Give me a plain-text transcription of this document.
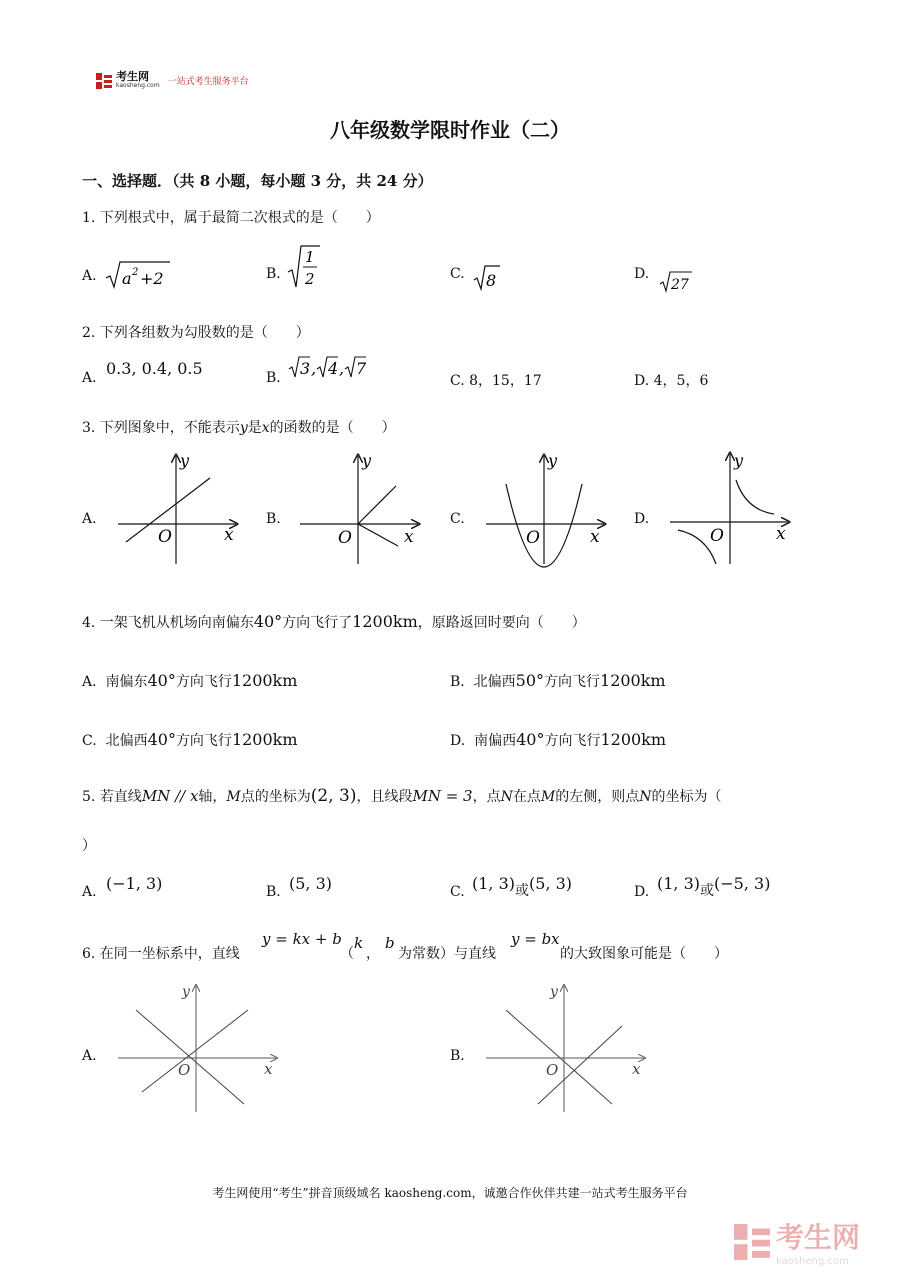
考生网
kaosheng.com 一站式考生服务平台
八年级数学限时作业（二）
一、选择题．（共 8 小题，每小题 3 分，共 24 分）
1. 下列根式中，属于最简二次根式的是（　　）
A. a 2 +2	B.
1
2	C. 8	D.
27
2. 下列各组数为勾股数的是（　　）
A. 0.3, 0.4, 0.5	B. 3 , 4 , 7
C. 8，15，17	D. 4，5，6
3. 下列图象中，不能表示y是x的函数的是（　　）
A.
y
x
O
B.
y
x
O
C.
y
x
O
D.
y
x
O
4. 一架飞机从机场向南偏东40°方向飞行了1200km，原路返回时要向（　　）
A. 南偏东40°方向飞行1200km	B. 北偏西50°方向飞行1200km
C. 北偏西40°方向飞行1200km	D. 南偏西40°方向飞行1200km
5. 若直线MN // x轴，M点的坐标为(2, 3)，且线段MN = 3，点N在点M的左侧，则点N的坐标为（
）
A. (−1, 3)	B. (5, 3)	C. (1, 3)或(5, 3)	D. (1, 3)或(−5, 3)
6. 在同一坐标系中，直线
y = kx + b
（
k
，
b
为常数）与直线
y = bx
的大致图象可能是（　　）
A.
y
x
O
B.
y
x
O
考生网使用“考生”拼音顶级域名 kaosheng.com，诚邀合作伙伴共建一站式考生服务平台
考生网
kaosheng.com
